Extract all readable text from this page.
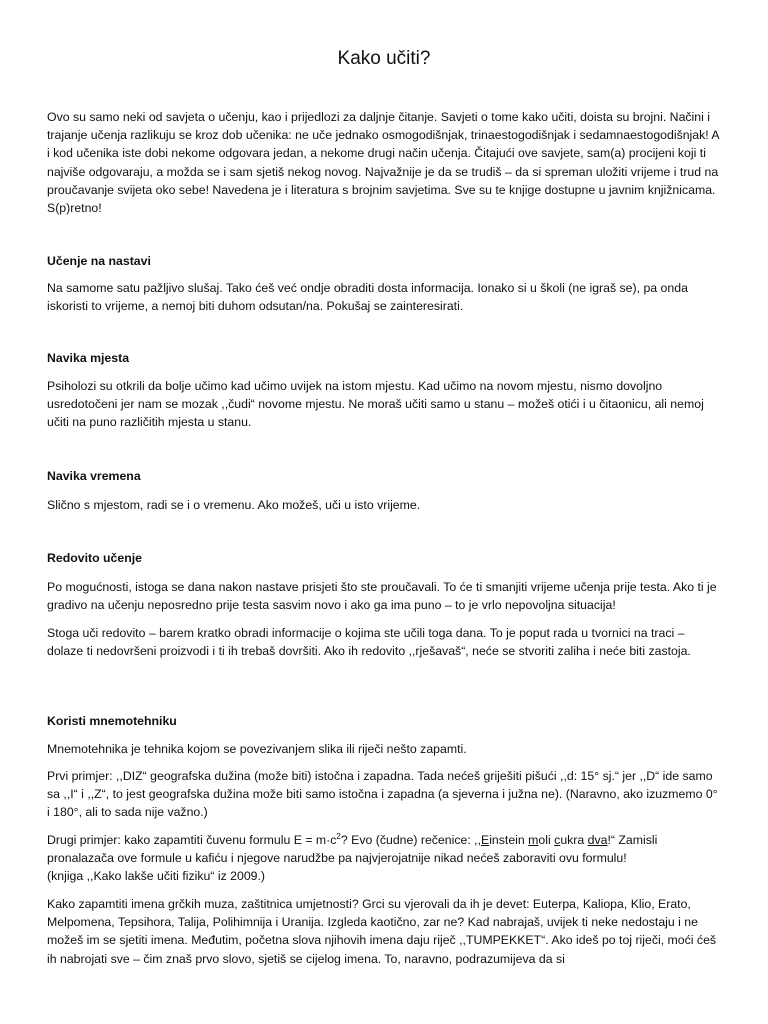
Kako učiti?

Ovo su samo neki od savjeta o učenju, kao i prijedlozi za daljnje čitanje. Savjeti o tome kako učiti, doista su brojni. Načini i trajanje učenja razlikuju se kroz dob učenika: ne uče jednako osmogodišnjak, trinaestogodišnjak i sedamnaestogodišnjak! A i kod učenika iste dobi nekome odgovara jedan, a nekome drugi način učenja. Čitajući ove savjete, sam(a) procijeni koji ti najviše odgovaraju, a možda se i sam sjetiš nekog novog. Najvažnije je da se trudiš – da si spreman uložiti vrijeme i trud na proučavanje svijeta oko sebe! Navedena je i literatura s brojnim savjetima. Sve su te knjige dostupne u javnim knjižnicama. S(p)retno!

Učenje na nastavi

Na samome satu pažljivo slušaj. Tako ćeš već ondje obraditi dosta informacija. Ionako si u školi (ne igraš se), pa onda iskoristi to vrijeme, a nemoj biti duhom odsutan/na. Pokušaj se zainteresirati.

Navika mjesta

Psiholozi su otkrili da bolje učimo kad učimo uvijek na istom mjestu. Kad učimo na novom mjestu, nismo dovoljno usredotočeni jer nam se mozak ,,čudi“ novome mjestu. Ne moraš učiti samo u stanu – možeš otići i u čitaonicu, ali nemoj učiti na puno različitih mjesta u stanu.

Navika vremena

Slično s mjestom, radi se i o vremenu. Ako možeš, uči u isto vrijeme.

Redovito učenje

Po mogućnosti, istoga se dana nakon nastave prisjeti što ste proučavali. To će ti smanjiti vrijeme učenja prije testa. Ako ti je gradivo na učenju neposredno prije testa sasvim novo i ako ga ima puno – to je vrlo nepovoljna situacija!

Stoga uči redovito – barem kratko obradi informacije o kojima ste učili toga dana. To je poput rada u tvornici na traci – dolaze ti nedovršeni proizvodi i ti ih trebaš dovršiti. Ako ih redovito ,,rješavaš“, neće se stvoriti zaliha i neće biti zastoja.

Koristi mnemotehniku

Mnemotehnika je tehnika kojom se povezivanjem slika ili riječi nešto zapamti.

Prvi primjer: ,,DIZ“ geografska dužina (može biti) istočna i zapadna. Tada nećeš griješiti pišući ,,d: 15° sj.“ jer ,,D“ ide samo sa ,,I“ i ,,Z“, to jest geografska dužina može biti samo istočna i zapadna (a sjeverna i južna ne). (Naravno, ako izuzmemo 0° i 180°, ali to sada nije važno.)

Drugi primjer: kako zapamtiti čuvenu formulu $E = m\cdot c^2$? Evo (čudne) rečenice: ,,Einstein moli cukra dva!“ Zamisli pronalazača ove formule u kafiću i njegove narudžbe pa najvjerojatnije nikad nećeš zaboraviti ovu formulu!
(knjiga ,,Kako lakše učiti fiziku“ iz 2009.)

Kako zapamtiti imena grčkih muza, zaštitnica umjetnosti? Grci su vjerovali da ih je devet: Euterpa, Kaliopa, Klio, Erato, Melpomena, Tepsihora, Talija, Polihimnija i Uranija. Izgleda kaotično, zar ne? Kad nabrajaš, uvijek ti neke nedostaju i ne možeš im se sjetiti imena. Međutim, početna slova njihovih imena daju riječ ,,TUMPEKKET“. Ako ideš po toj riječi, moći ćeš ih nabrojati sve – čim znaš prvo slovo, sjetiš se cijelog imena. To, naravno, podrazumijeva da si
